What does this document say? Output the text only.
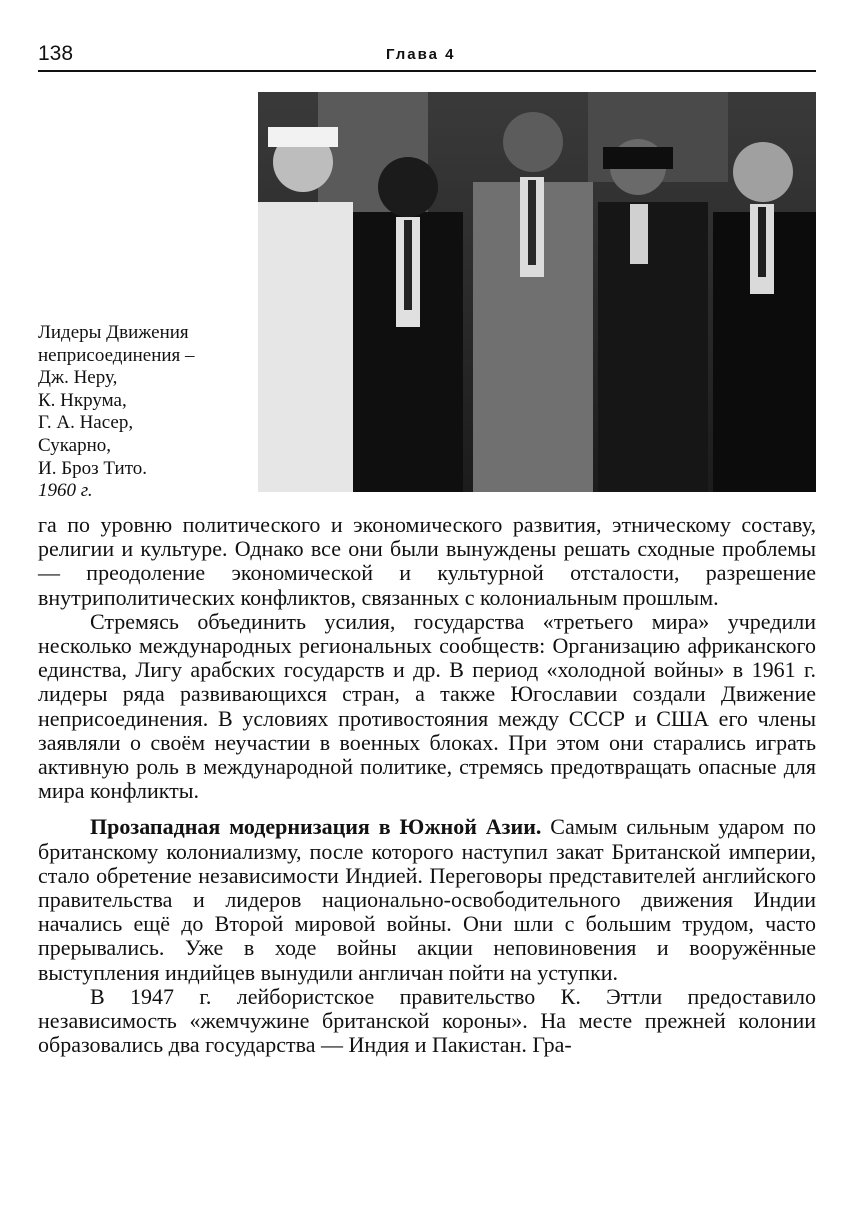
138	Глава 4
Лидеры Движения
неприсоединения –
Дж. Неру,
К. Нкрума,
Г. А. Насер,
Сукарно,
И. Броз Тито.
1960 г.

га по уровню политического и экономического развития, этническому составу, религии и культуре. Однако все они были вынуждены решать сходные проблемы — преодоление экономической и культурной отсталости, разрешение внутриполитических конфликтов, связанных с колониальным прошлым.

Стремясь объединить усилия, государства «третьего мира» учредили несколько международных региональных сообществ: Организацию африканского единства, Лигу арабских государств и др. В период «холодной войны» в 1961 г. лидеры ряда развивающихся стран, а также Югославии создали Движение неприсоединения. В условиях противостояния между СССР и США его члены заявляли о своём неучастии в военных блоках. При этом они старались играть активную роль в международной политике, стремясь предотвращать опасные для мира конфликты.

Прозападная модернизация в Южной Азии. Самым сильным ударом по британскому колониализму, после которого наступил закат Британской империи, стало обретение независимости Индией. Переговоры представителей английского правительства и лидеров национально-освободительного движения Индии начались ещё до Второй мировой войны. Они шли с большим трудом, часто прерывались. Уже в ходе войны акции неповиновения и вооружённые выступления индийцев вынудили англичан пойти на уступки.

В 1947 г. лейбористское правительство К. Эттли предоставило независимость «жемчужине британской короны». На месте прежней колонии образовались два государства — Индия и Пакистан. Гра-
